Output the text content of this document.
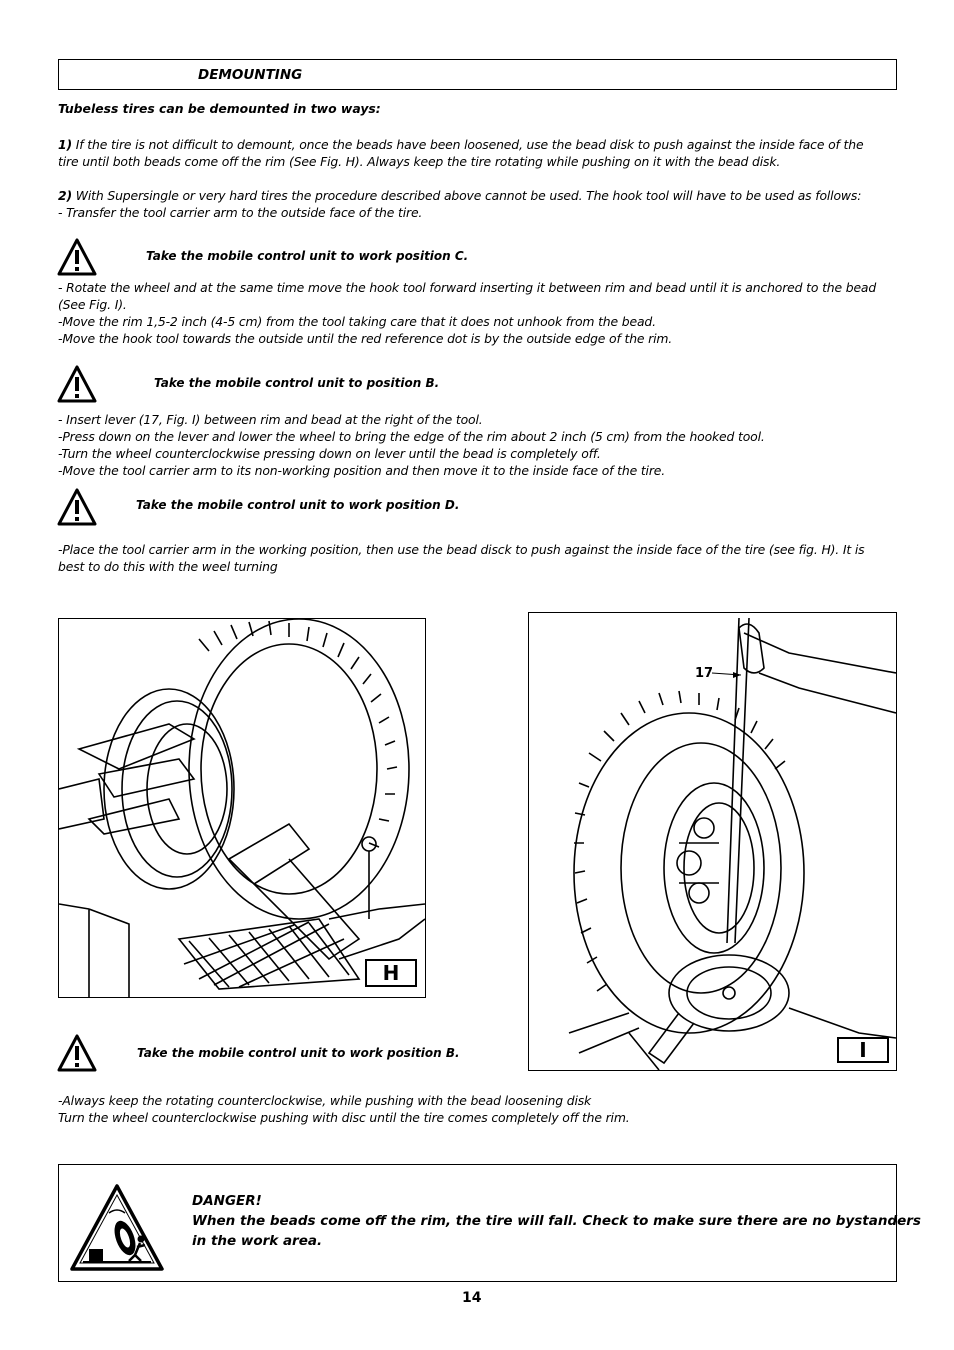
DEMOUNTING
Tubeless tires can be demounted in two ways:
1) If the tire is not difficult to demount, once the beads have been loosened, use the bead disk to push against the inside face of the
tire until both beads come off the rim (See Fig. H). Always keep the tire rotating while pushing on it with the bead disk.
2) With Supersingle or very hard tires the procedure described above cannot be used. The hook tool will have to be used as follows:
- Transfer the tool carrier arm to the outside face of the tire.
Take the mobile control unit to work position C.
- Rotate the wheel and at the same time move the hook tool forward inserting it between rim and bead until it is anchored to the bead
(See Fig. I).
-Move the rim 1,5-2 inch (4-5 cm) from the tool taking care that it does not unhook from the bead.
-Move the hook tool towards the outside until the red reference dot is by the outside edge of the rim.
Take the mobile control unit to position B.
- Insert lever (17, Fig. I) between rim and bead at the right of the tool.
-Press down on the lever and lower the wheel to bring the edge of the rim about 2 inch (5 cm) from the hooked tool.
-Turn the wheel counterclockwise pressing down on lever until the bead is completely off.
-Move the tool carrier arm to its non-working position and then move it to the inside face of the tire.
Take the mobile control unit to work position D.
-Place the tool carrier arm in the working position, then use the bead disck to push against the inside face of the tire (see fig. H). It is
best to do this with the weel turning
H
17
I
Take the mobile control unit to work position B.
-Always keep the rotating counterclockwise, while pushing with the bead loosening disk
Turn the wheel counterclockwise pushing with disc until the tire comes completely off the rim.
DANGER!
When the beads come off the rim, the tire will fall. Check to make sure there are no bystanders
in the work area.
14
